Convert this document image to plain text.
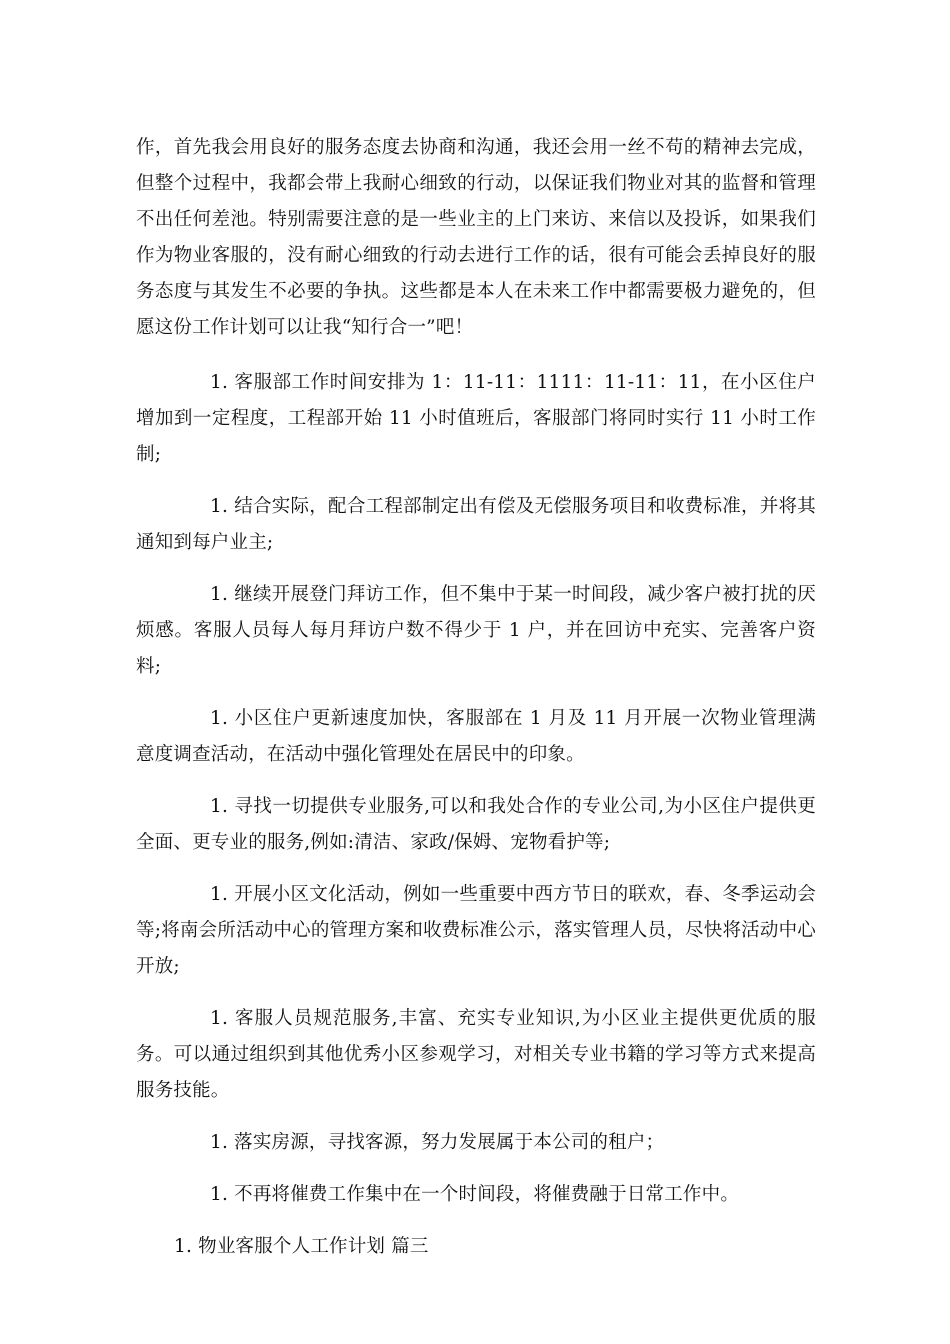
作，首先我会用良好的服务态度去协商和沟通，我还会用一丝不苟的精神去完成，但整个过程中，我都会带上我耐心细致的行动，以保证我们物业对其的监督和管理不出任何差池。特别需要注意的是一些业主的上门来访、来信以及投诉，如果我们作为物业客服的，没有耐心细致的行动去进行工作的话，很有可能会丢掉良好的服务态度与其发生不必要的争执。这些都是本人在未来工作中都需要极力避免的，但愿这份工作计划可以让我“知行合一”吧！

1. 客服部工作时间安排为 1：11-11：1111：11-11：11，在小区住户增加到一定程度，工程部开始 11 小时值班后，客服部门将同时实行 11 小时工作制;

1. 结合实际，配合工程部制定出有偿及无偿服务项目和收费标准，并将其通知到每户业主;

1. 继续开展登门拜访工作，但不集中于某一时间段，减少客户被打扰的厌烦感。客服人员每人每月拜访户数不得少于 1 户，并在回访中充实、完善客户资料;

1. 小区住户更新速度加快，客服部在 1 月及 11 月开展一次物业管理满意度调查活动，在活动中强化管理处在居民中的印象。

1. 寻找一切提供专业服务,可以和我处合作的专业公司,为小区住户提供更全面、更专业的服务,例如:清洁、家政/保姆、宠物看护等;

1. 开展小区文化活动，例如一些重要中西方节日的联欢，春、冬季运动会等;将南会所活动中心的管理方案和收费标准公示，落实管理人员，尽快将活动中心开放;

1. 客服人员规范服务,丰富、充实专业知识,为小区业主提供更优质的服务。可以通过组织到其他优秀小区参观学习，对相关专业书籍的学习等方式来提高服务技能。

1. 落实房源，寻找客源，努力发展属于本公司的租户；

1. 不再将催费工作集中在一个时间段，将催费融于日常工作中。

1. 物业客服个人工作计划 篇三
